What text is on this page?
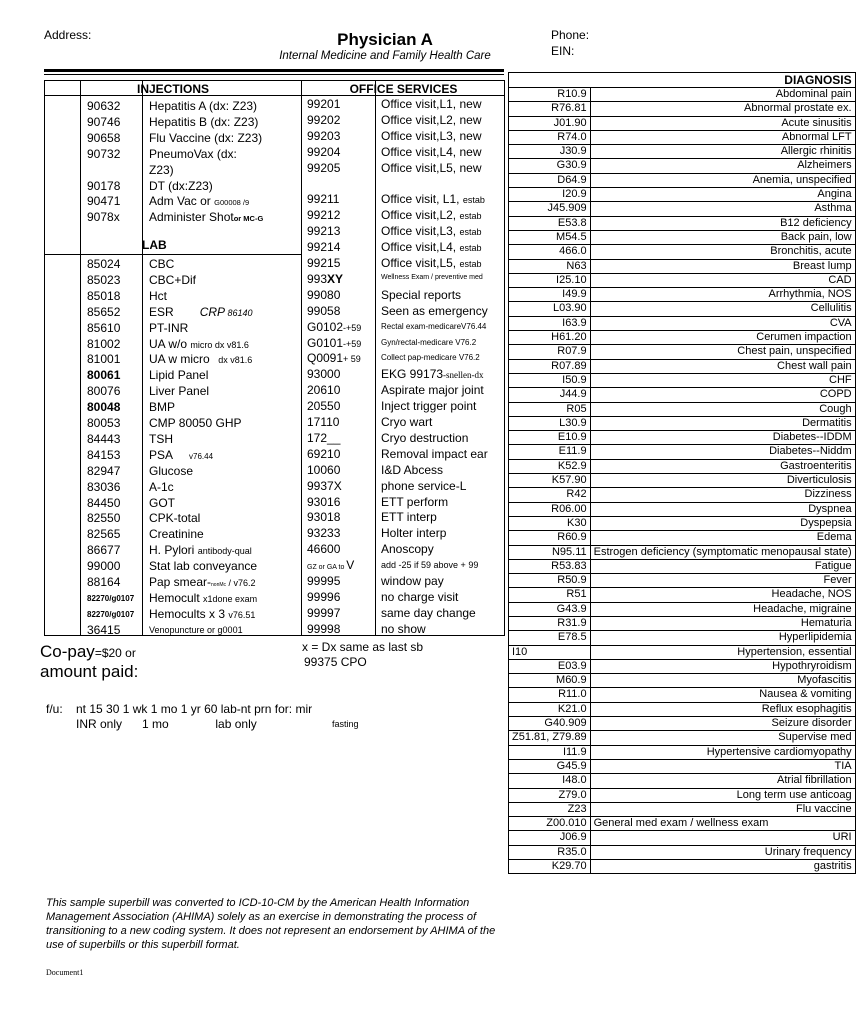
Address:	Physician A
Internal Medicine and Family Health Care
Phone:
EIN:
INJECTIONS	OFFICE SERVICES
LAB
90632 Hepatitis A (dx: Z23)
90746 Hepatitis B (dx: Z23)
90658 Flu Vaccine (dx: Z23)
90732 PneumoVax (dx:
Z23)
90178 DT (dx:Z23)
90471 Adm Vac or G00008 /9
9078x Administer Shotor MC-G
85024 CBC
85023 CBC+Dif
85018 Hct
85652 ESR CRP 86140
85610 PT-INR
81002 UA w/o micro dx v81.6
81001 UA w micro dx v81.6
80061 Lipid Panel
80076 Liver Panel
80048 BMP
80053 CMP 80050 GHP
84443 TSH
84153 PSA v76.44
82947 Glucose
83036 A-1c
84450 GOT
82550 CPK-total
82565 Creatinine
86677 H. Pylori antibody-qual
99000 Stat lab conveyance
88164 Pap smear-nonMc / v76.2
82270/g0107 Hemocult x1done exam
82270/g0107 Hemocults x 3 v76.51
36415	Venopuncture or g0001
99201	Office visit,L1, new
99202	Office visit,L2, new
99203	Office visit,L3, new
99204	Office visit,L4, new
99205	Office visit,L5, new
99211	Office visit, L1, estab
99212	Office visit,L2, estab
99213	Office visit,L3, estab
99214	Office visit,L4, estab
99215	Office visit,L5, estab
993XY	Wellness Exam / preventive med
99080	Special reports
99058	Seen as emergency
G0102-+59 Rectal exam-medicareV76.44
G0101-+59 Gyn/rectal-medicare V76.2
Q0091+ 59	Collect pap-medicare V76.2
93000	EKG 99173-snellen-dx
20610	Aspirate major joint
20550	Inject trigger point
17110	Cryo wart
172__	Cryo destruction
69210	Removal impact ear
10060	I&D Abcess
9937X	phone service-L
93016	ETT perform
93018	ETT interp
93233	Holter interp
46600	Anoscopy
GZ or GA to V	add -25 if 59 above + 99
99995	window pay
99996	no charge visit
99997	same day change
99998	no show
Co-pay=$20 or
amount paid:
x = Dx same as last sb
99375 CPO
f/u: nt 15 30 1 wk 1 mo 1 yr 60 lab-nt prn for: mir
INR only      1 mo              lab only	fasting
This sample superbill was converted to ICD-10-CM by the American Health Information
Management Association (AHIMA) solely as an exercise in demonstrating the process of
transitioning to a new coding system. It does not represent an endorsement by AHIMA of the
use of superbills or this superbill format.
Document1
DIAGNOSIS	
R10.9	Abdominal pain
R76.81	Abnormal prostate ex.
J01.90	Acute sinusitis
R74.0	Abnormal LFT
J30.9	Allergic rhinitis
G30.9	Alzheimers
D64.9	Anemia, unspecified
I20.9	Angina
J45.909	Asthma
E53.8	B12 deficiency
M54.5	Back pain, low
466.0	Bronchitis, acute
N63	Breast lump
I25.10	CAD
I49.9	Arrhythmia, NOS
L03.90	Cellulitis
I63.9	CVA
H61.20	Cerumen impaction
R07.9	Chest pain, unspecified
R07.89	Chest wall pain
I50.9	CHF
J44.9	COPD
R05	Cough
L30.9	Dermatitis
E10.9	Diabetes--IDDM
E11.9	Diabetes--Niddm
K52.9	Gastroenteritis
K57.90	Diverticulosis
R42	Dizziness
R06.00	Dyspnea
K30	Dyspepsia
R60.9	Edema
N95.11	Estrogen deficiency (symptomatic menopausal state)
R53.83	Fatigue
R50.9	Fever
R51	Headache, NOS
G43.9	Headache, migraine
R31.9	Hematuria
E78.5	Hyperlipidemia
I10	Hypertension, essential
E03.9	Hypothryroidism
M60.9	Myofascitis
R11.0	Nausea & vomiting
K21.0	Reflux esophagitis
G40.909	Seizure disorder
Z51.81, Z79.89	Supervise med
I11.9	Hypertensive cardiomyopathy
G45.9	TIA
I48.0	Atrial fibrillation
Z79.0	Long term use anticoag
Z23	Flu vaccine
Z00.010	General med exam / wellness exam
J06.9	URI
R35.0	Urinary frequency
K29.70	gastritis
